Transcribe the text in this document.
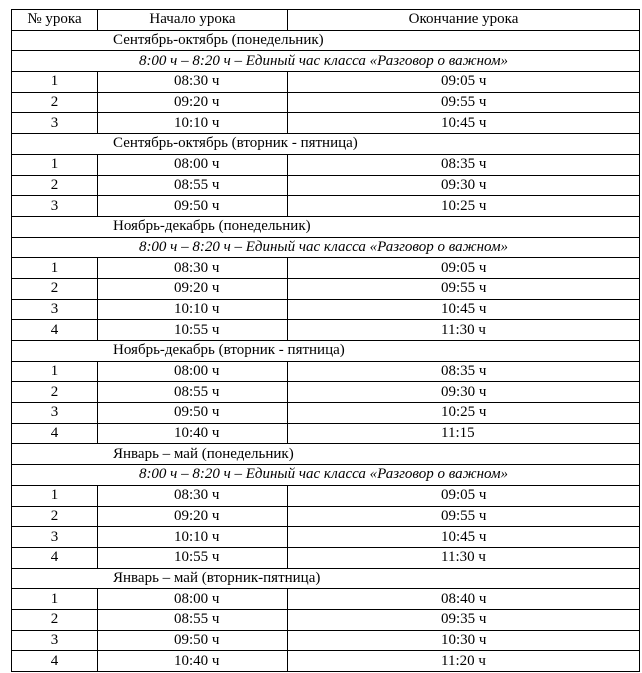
№ урока	Начало урока	Окончание урока
Сентябрь-октябрь (понедельник)		
8:00 ч – 8:20 ч – Единый час класса «Разговор о важном»		
1	08:30 ч	09:05 ч
2	09:20 ч	09:55 ч
3	10:10 ч	10:45 ч
Сентябрь-октябрь (вторник - пятница)		
1	08:00 ч	08:35 ч
2	08:55 ч	09:30 ч
3	09:50 ч	10:25 ч
Ноябрь-декабрь (понедельник)		
8:00 ч – 8:20 ч – Единый час класса «Разговор о важном»		
1	08:30 ч	09:05 ч
2	09:20 ч	09:55 ч
3	10:10 ч	10:45 ч
4	10:55 ч	11:30 ч
Ноябрь-декабрь (вторник - пятница)		
1	08:00 ч	08:35 ч
2	08:55 ч	09:30 ч
3	09:50 ч	10:25 ч
4	10:40 ч	11:15
Январь – май (понедельник)		
8:00 ч – 8:20 ч – Единый час класса «Разговор о важном»		
1	08:30 ч	09:05 ч
2	09:20 ч	09:55 ч
3	10:10 ч	10:45 ч
4	10:55 ч	11:30 ч
Январь – май (вторник-пятница)		
1	08:00 ч	08:40 ч
2	08:55 ч	09:35 ч
3	09:50 ч	10:30 ч
4	10:40 ч	11:20 ч
